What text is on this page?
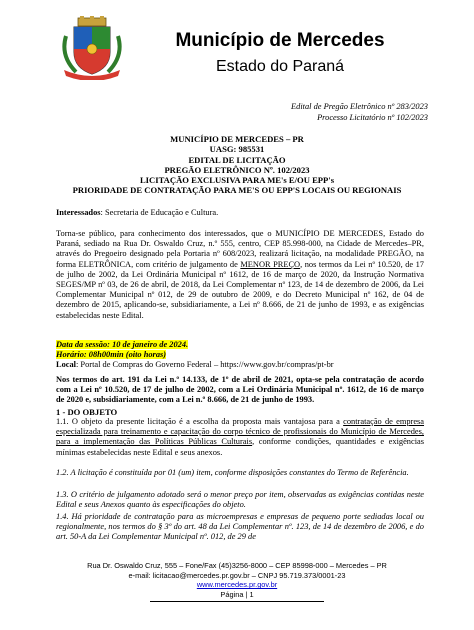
Município de Mercedes
Estado do Paraná
Edital de Pregão Eletrônico nº 283/2023
Processo Licitatório nº 102/2023
MUNICÍPIO DE MERCEDES – PR
UASG: 985531
EDITAL DE LICITAÇÃO
PREGÃO ELETRÔNICO Nº. 102/2023
LICITAÇÃO EXCLUSIVA PARA ME's E/OU EPP's
PRIORIDADE DE CONTRATAÇÃO PARA ME'S OU EPP'S LOCAIS OU REGIONAIS
Interessados: Secretaria de Educação e Cultura.
Torna-se público, para conhecimento dos interessados, que o MUNICÍPIO DE MERCEDES, Estado do Paraná, sediado na Rua Dr. Oswaldo Cruz, n.º 555, centro, CEP 85.998-000, na Cidade de Mercedes–PR, através do Pregoeiro designado pela Portaria nº 608/2023, realizará licitação, na modalidade PREGÃO, na forma ELETRÔNICA, com critério de julgamento de MENOR PREÇO, nos termos da Lei nº 10.520, de 17 de julho de 2002, da Lei Ordinária Municipal nº 1612, de 16 de março de 2020, da Instrução Normativa SEGES/MP nº 03, de 26 de abril, de 2018, da Lei Complementar nº 123, de 14 de dezembro de 2006, da Lei Complementar Municipal nº 012, de 29 de outubro de 2009, e do Decreto Municipal nº 162, de 04 de dezembro de 2015, aplicando-se, subsidiariamente, a Lei nº 8.666, de 21 de junho de 1993, e as exigências estabelecidas neste Edital.
Data da sessão: 10 de janeiro de 2024.
Horário: 08h00min (oito horas)
Local: Portal de Compras do Governo Federal – https://www.gov.br/compras/pt-br
Nos termos do art. 191 da Lei n.º 14.133, de 1º de abril de 2021, opta-se pela contratação de acordo com a Lei nº 10.520, de 17 de julho de 2002, com a Lei Ordinária Municipal nº. 1612, de 16 de março de 2020 e, subsidiariamente, com a Lei n.º 8.666, de 21 de junho de 1993.
1 - DO OBJETO
1.1. O objeto da presente licitação é a escolha da proposta mais vantajosa para a contratação de empresa especializada para treinamento e capacitação do corpo técnico de profissionais do Município de Mercedes, para a implementação das Políticas Públicas Culturais, conforme condições, quantidades e exigências mínimas estabelecidas neste Edital e seus anexos.
1.2. A licitação é constituída por 01 (um) item, conforme disposições constantes do Termo de Referência.
1.3. O critério de julgamento adotado será o menor preço por item, observadas as exigências contidas neste Edital e seus Anexos quanto às especificações do objeto.
1.4. Há prioridade de contratação para as microempresas e empresas de pequeno porte sediadas local ou regionalmente, nos termos do § 3º do art. 48 da Lei Complementar nº. 123, de 14 de dezembro de 2006, e do art. 50-A da Lei Complementar Municipal nº. 012, de 29 de
Rua Dr. Oswaldo Cruz, 555 – Fone/Fax (45)3256-8000 – CEP 85998-000 – Mercedes – PR
e-mail: licitacao@mercedes.pr.gov.br – CNPJ 95.719.373/0001-23
www.mercedes.pr.gov.br
Página | 1
